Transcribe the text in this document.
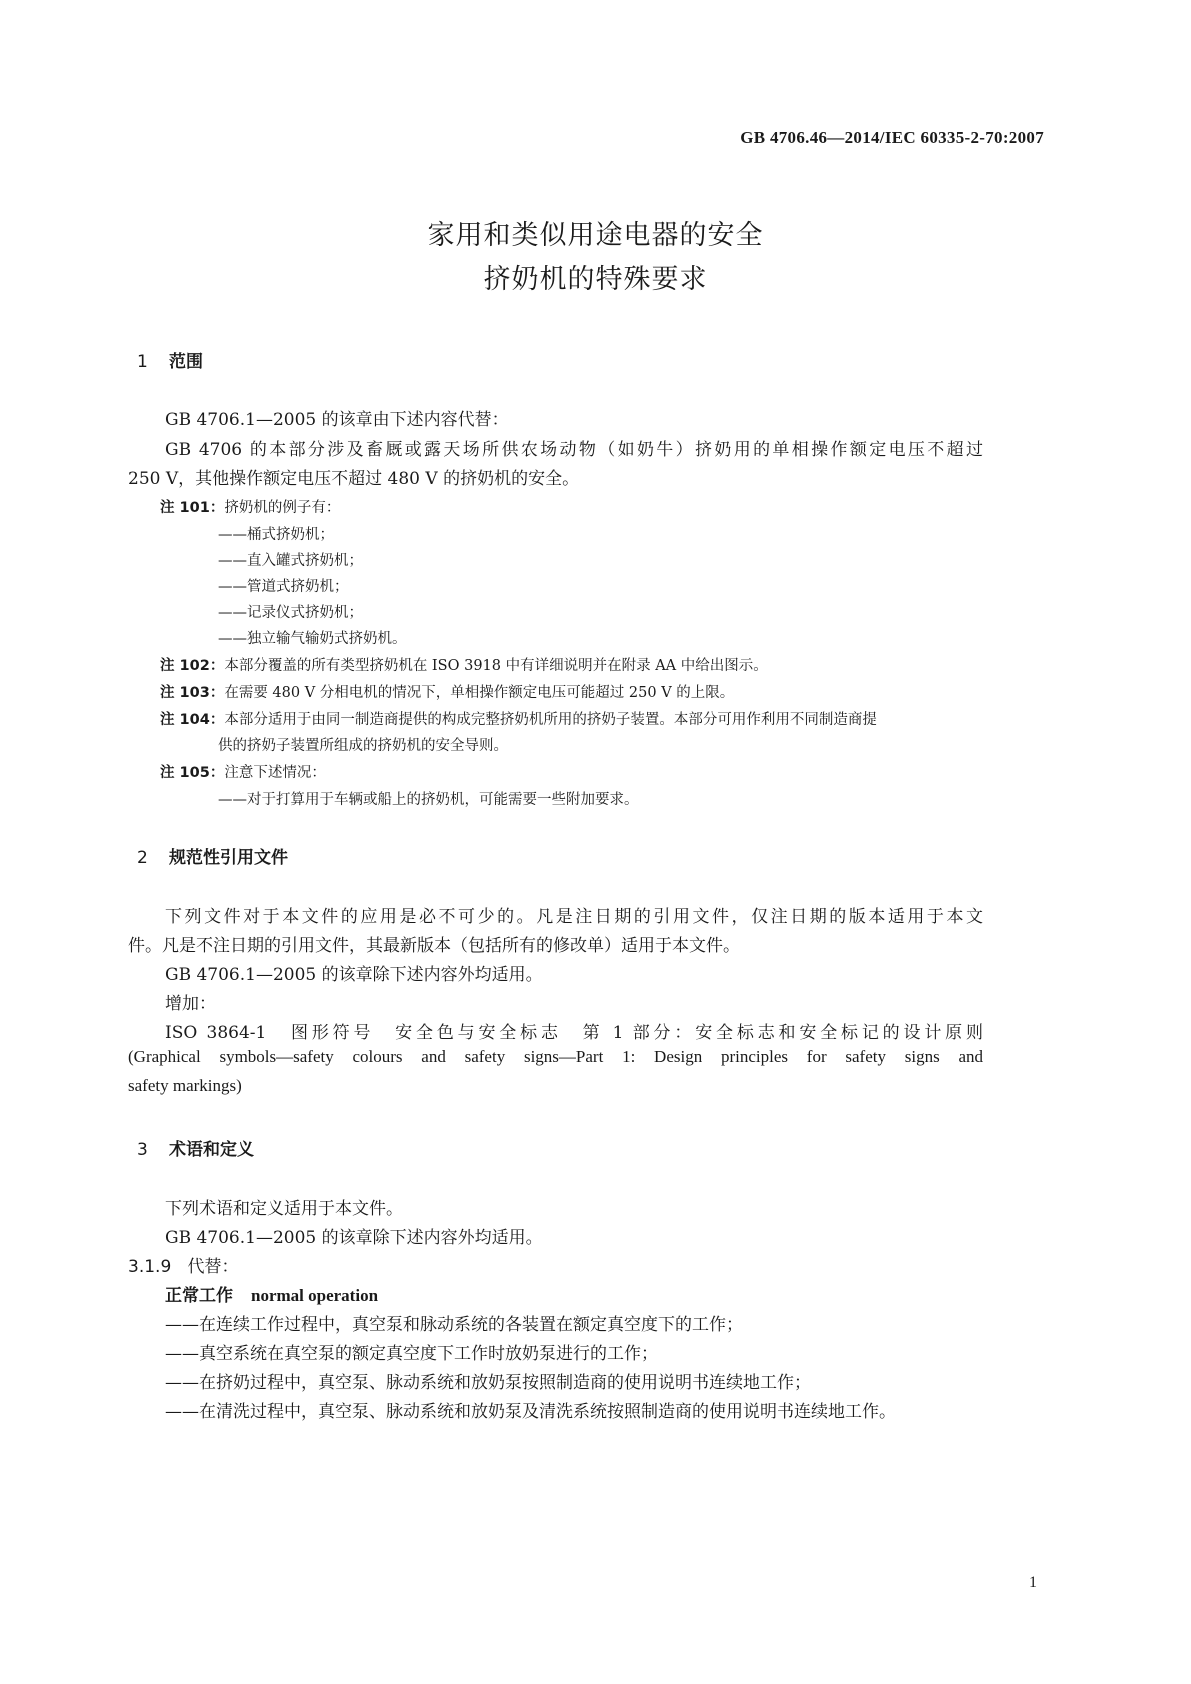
GB 4706.46—2014/IEC 60335-2-70:2007
家用和类似用途电器的安全
挤奶机的特殊要求
1 范围
GB 4706.1—2005 的该章由下述内容代替：
GB 4706 的本部分涉及畜厩或露天场所供农场动物（如奶牛）挤奶用的单相操作额定电压不超过
250 V，其他操作额定电压不超过 480 V 的挤奶机的安全。
注 101：挤奶机的例子有：
——桶式挤奶机；
——直入罐式挤奶机；
——管道式挤奶机；
——记录仪式挤奶机；
——独立输气输奶式挤奶机。
注 102：本部分覆盖的所有类型挤奶机在 ISO 3918 中有详细说明并在附录 AA 中给出图示。
注 103：在需要 480 V 分相电机的情况下，单相操作额定电压可能超过 250 V 的上限。
注 104：本部分适用于由同一制造商提供的构成完整挤奶机所用的挤奶子装置。本部分可用作利用不同制造商提
供的挤奶子装置所组成的挤奶机的安全导则。
注 105：注意下述情况：
——对于打算用于车辆或船上的挤奶机，可能需要一些附加要求。
2 规范性引用文件
下列文件对于本文件的应用是必不可少的。凡是注日期的引用文件，仅注日期的版本适用于本文
件。凡是不注日期的引用文件，其最新版本（包括所有的修改单）适用于本文件。
GB 4706.1—2005 的该章除下述内容外均适用。
增加：
ISO 3864-1　图形符号　安全色与安全标志　第 1 部分：安全标志和安全标记的设计原则
(Graphical symbols—safety colours and safety signs—Part 1: Design principles for safety signs and
safety markings)
3 术语和定义
下列术语和定义适用于本文件。
GB 4706.1—2005 的该章除下述内容外均适用。
3.1.9 代替：
正常工作 normal operation
——在连续工作过程中，真空泵和脉动系统的各装置在额定真空度下的工作；
——真空系统在真空泵的额定真空度下工作时放奶泵进行的工作；
——在挤奶过程中，真空泵、脉动系统和放奶泵按照制造商的使用说明书连续地工作；
——在清洗过程中，真空泵、脉动系统和放奶泵及清洗系统按照制造商的使用说明书连续地工作。
1
